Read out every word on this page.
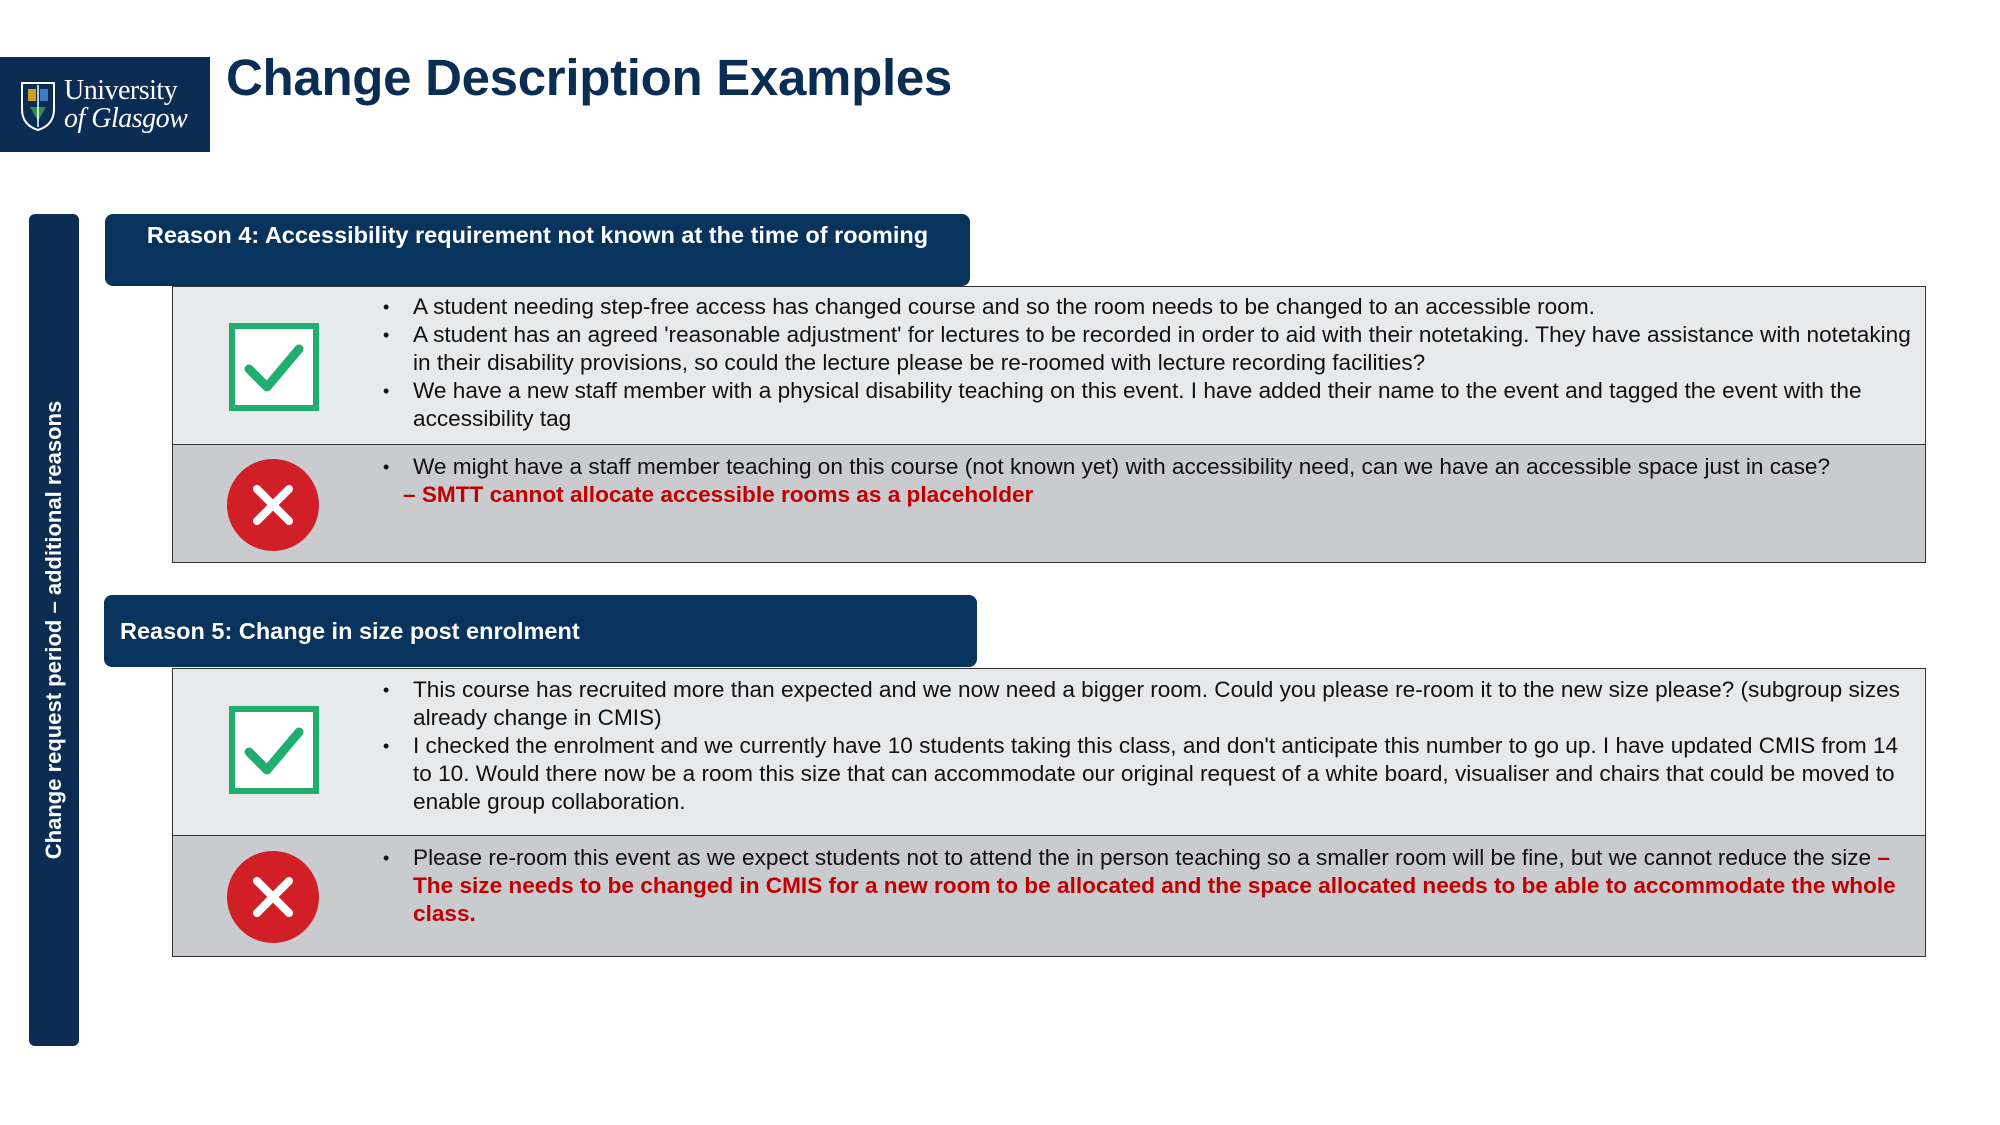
University
of Glasgow
Change Description Examples
Change request period – additional reasons
Reason 4: Accessibility requirement not known at the time of rooming
• A student needing step-free access has changed course and so the room needs to be changed to an accessible room.
• A student has an agreed 'reasonable adjustment' for lectures to be recorded in order to aid with their notetaking. They have assistance with notetaking in their disability provisions, so could the lecture please be re-roomed with lecture recording facilities?
• We have a new staff member with a physical disability teaching on this event. I have added their name to the event and tagged the event with the accessibility tag
• We might have a staff member teaching on this course (not known yet) with accessibility need, can we have an accessible space just in case?
– SMTT cannot allocate accessible rooms as a placeholder
Reason 5: Change in size post enrolment
• This course has recruited more than expected and we now need a bigger room. Could you please re-room it to the new size please? (subgroup sizes already change in CMIS)
• I checked the enrolment and we currently have 10 students taking this class, and don't anticipate this number to go up. I have updated CMIS from 14 to 10. Would there now be a room this size that can accommodate our original request of a white board, visualiser and chairs that could be moved to enable group collaboration.
• Please re-room this event as we expect students not to attend the in person teaching so a smaller room will be fine, but we cannot reduce the size – The size needs to be changed in CMIS for a new room to be allocated and the space allocated needs to be able to accommodate the whole class.
